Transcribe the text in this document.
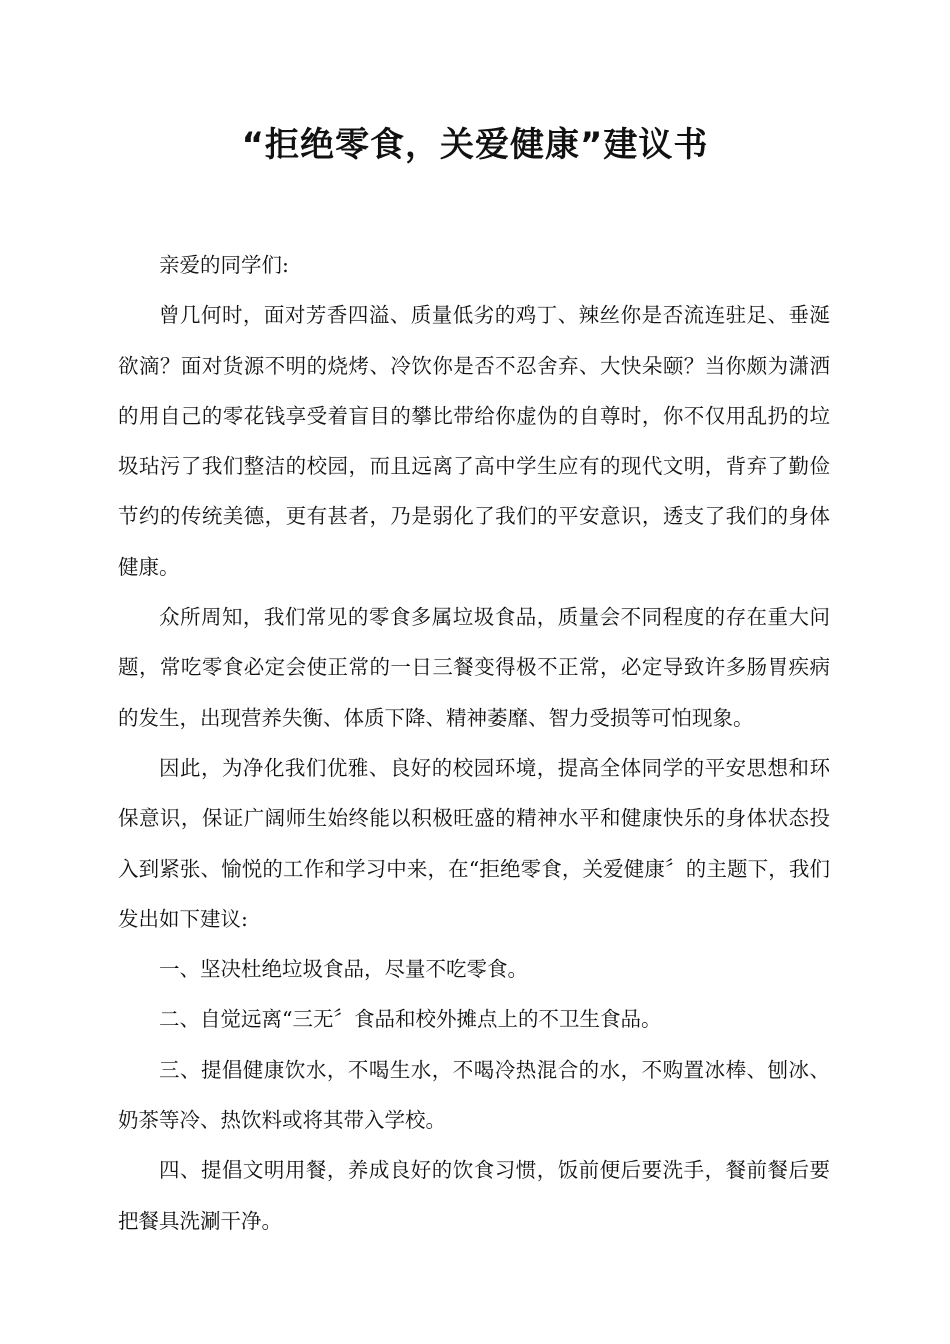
“拒绝零食，关爱健康”建议书

亲爱的同学们:

曾几何时，面对芳香四溢、质量低劣的鸡丁、辣丝你是否流连驻足、垂涎欲滴？面对货源不明的烧烤、冷饮你是否不忍舍弃、大快朵颐？当你颇为潇洒的用自己的零花钱享受着盲目的攀比带给你虚伪的自尊时，你不仅用乱扔的垃圾玷污了我们整洁的校园，而且远离了高中学生应有的现代文明，背弃了勤俭节约的传统美德，更有甚者，乃是弱化了我们的平安意识，透支了我们的身体健康。

众所周知，我们常见的零食多属垃圾食品，质量会不同程度的存在重大问题，常吃零食必定会使正常的一日三餐变得极不正常，必定导致许多肠胃疾病的发生，出现营养失衡、体质下降、精神萎靡、智力受损等可怕现象。

因此，为净化我们优雅、良好的校园环境，提高全体同学的平安思想和环保意识，保证广阔师生始终能以积极旺盛的精神水平和健康快乐的身体状态投入到紧张、愉悦的工作和学习中来，在“拒绝零食，关爱健康〞的主题下，我们发出如下建议:

一、坚决杜绝垃圾食品，尽量不吃零食。

二、自觉远离“三无〞食品和校外摊点上的不卫生食品。

三、提倡健康饮水，不喝生水，不喝冷热混合的水，不购置冰棒、刨冰、奶茶等冷、热饮料或将其带入学校。

四、提倡文明用餐，养成良好的饮食习惯，饭前便后要洗手，餐前餐后要把餐具洗涮干净。
